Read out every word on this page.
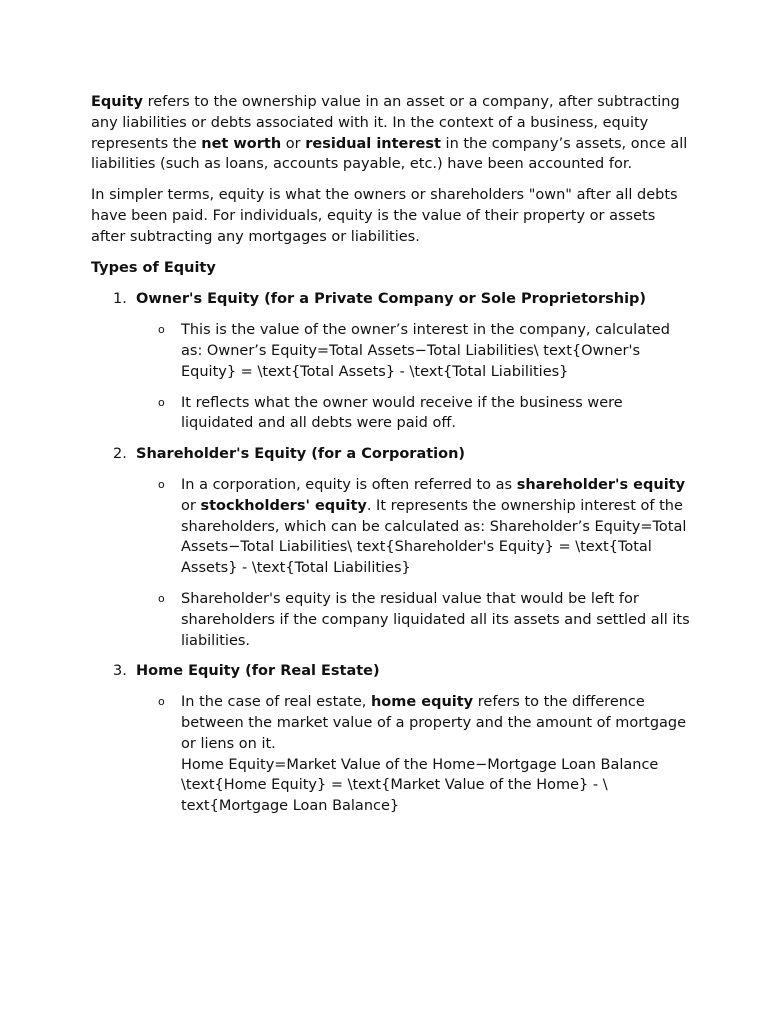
Equity refers to the ownership value in an asset or a company, after subtracting any liabilities or debts associated with it. In the context of a business, equity represents the net worth or residual interest in the company’s assets, once all liabilities (such as loans, accounts payable, etc.) have been accounted for.

In simpler terms, equity is what the owners or shareholders "own" after all debts have been paid. For individuals, equity is the value of their property or assets after subtracting any mortgages or liabilities.

Types of Equity

1. Owner's Equity (for a Private Company or Sole Proprietorship)

o This is the value of the owner’s interest in the company, calculated as: Owner’s Equity=Total Assets−Total Liabilities\ text{Owner's Equity} = \text{Total Assets} - \text{Total Liabilities}

o It reflects what the owner would receive if the business were liquidated and all debts were paid off.

2. Shareholder's Equity (for a Corporation)

o In a corporation, equity is often referred to as shareholder's equity or stockholders' equity. It represents the ownership interest of the shareholders, which can be calculated as: Shareholder’s Equity=Total Assets−Total Liabilities\ text{Shareholder's Equity} = \text{Total Assets} - \text{Total Liabilities}

o Shareholder's equity is the residual value that would be left for shareholders if the company liquidated all its assets and settled all its liabilities.

3. Home Equity (for Real Estate)

o In the case of real estate, home equity refers to the difference between the market value of a property and the amount of mortgage or liens on it.

Home Equity=Market Value of the Home−Mortgage Loan Balance

\text{Home Equity} = \text{Market Value of the Home} - \ text{Mortgage Loan Balance}
